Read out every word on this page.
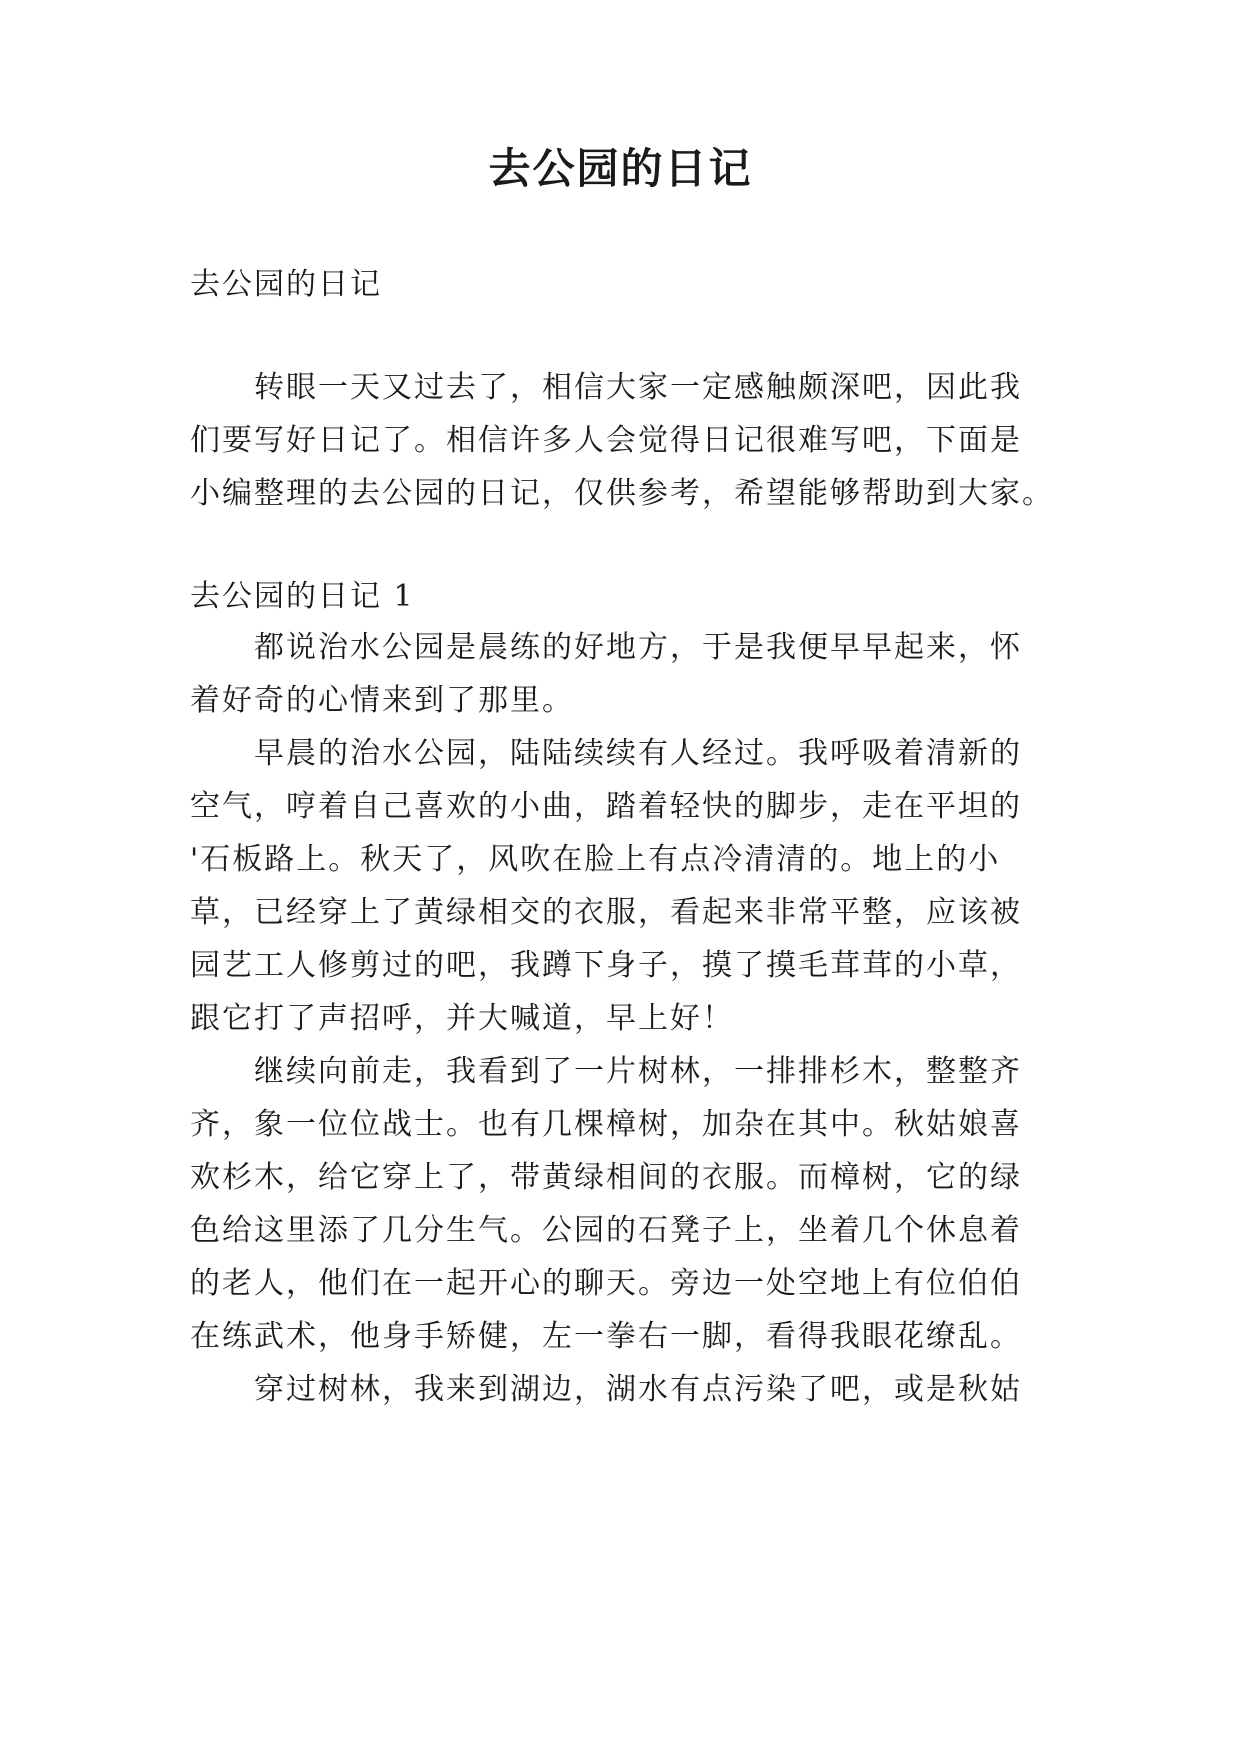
去公园的日记

去公园的日记

转眼一天又过去了，相信大家一定感触颇深吧，因此我

们要写好日记了。相信许多人会觉得日记很难写吧，下面是

小编整理的去公园的日记，仅供参考，希望能够帮助到大家。

去公园的日记 1

都说治水公园是晨练的好地方，于是我便早早起来，怀

着好奇的心情来到了那里。

早晨的治水公园，陆陆续续有人经过。我呼吸着清新的

空气，哼着自己喜欢的小曲，踏着轻快的脚步，走在平坦的

'石板路上。秋天了，风吹在脸上有点冷清清的。地上的小

草，已经穿上了黄绿相交的衣服，看起来非常平整，应该被

园艺工人修剪过的吧，我蹲下身子，摸了摸毛茸茸的小草，

跟它打了声招呼，并大喊道，早上好！

继续向前走，我看到了一片树林，一排排杉木，整整齐

齐，象一位位战士。也有几棵樟树，加杂在其中。秋姑娘喜

欢杉木，给它穿上了，带黄绿相间的衣服。而樟树，它的绿

色给这里添了几分生气。公园的石凳子上，坐着几个休息着

的老人，他们在一起开心的聊天。旁边一处空地上有位伯伯

在练武术，他身手矫健，左一拳右一脚，看得我眼花缭乱。

穿过树林，我来到湖边，湖水有点污染了吧，或是秋姑
